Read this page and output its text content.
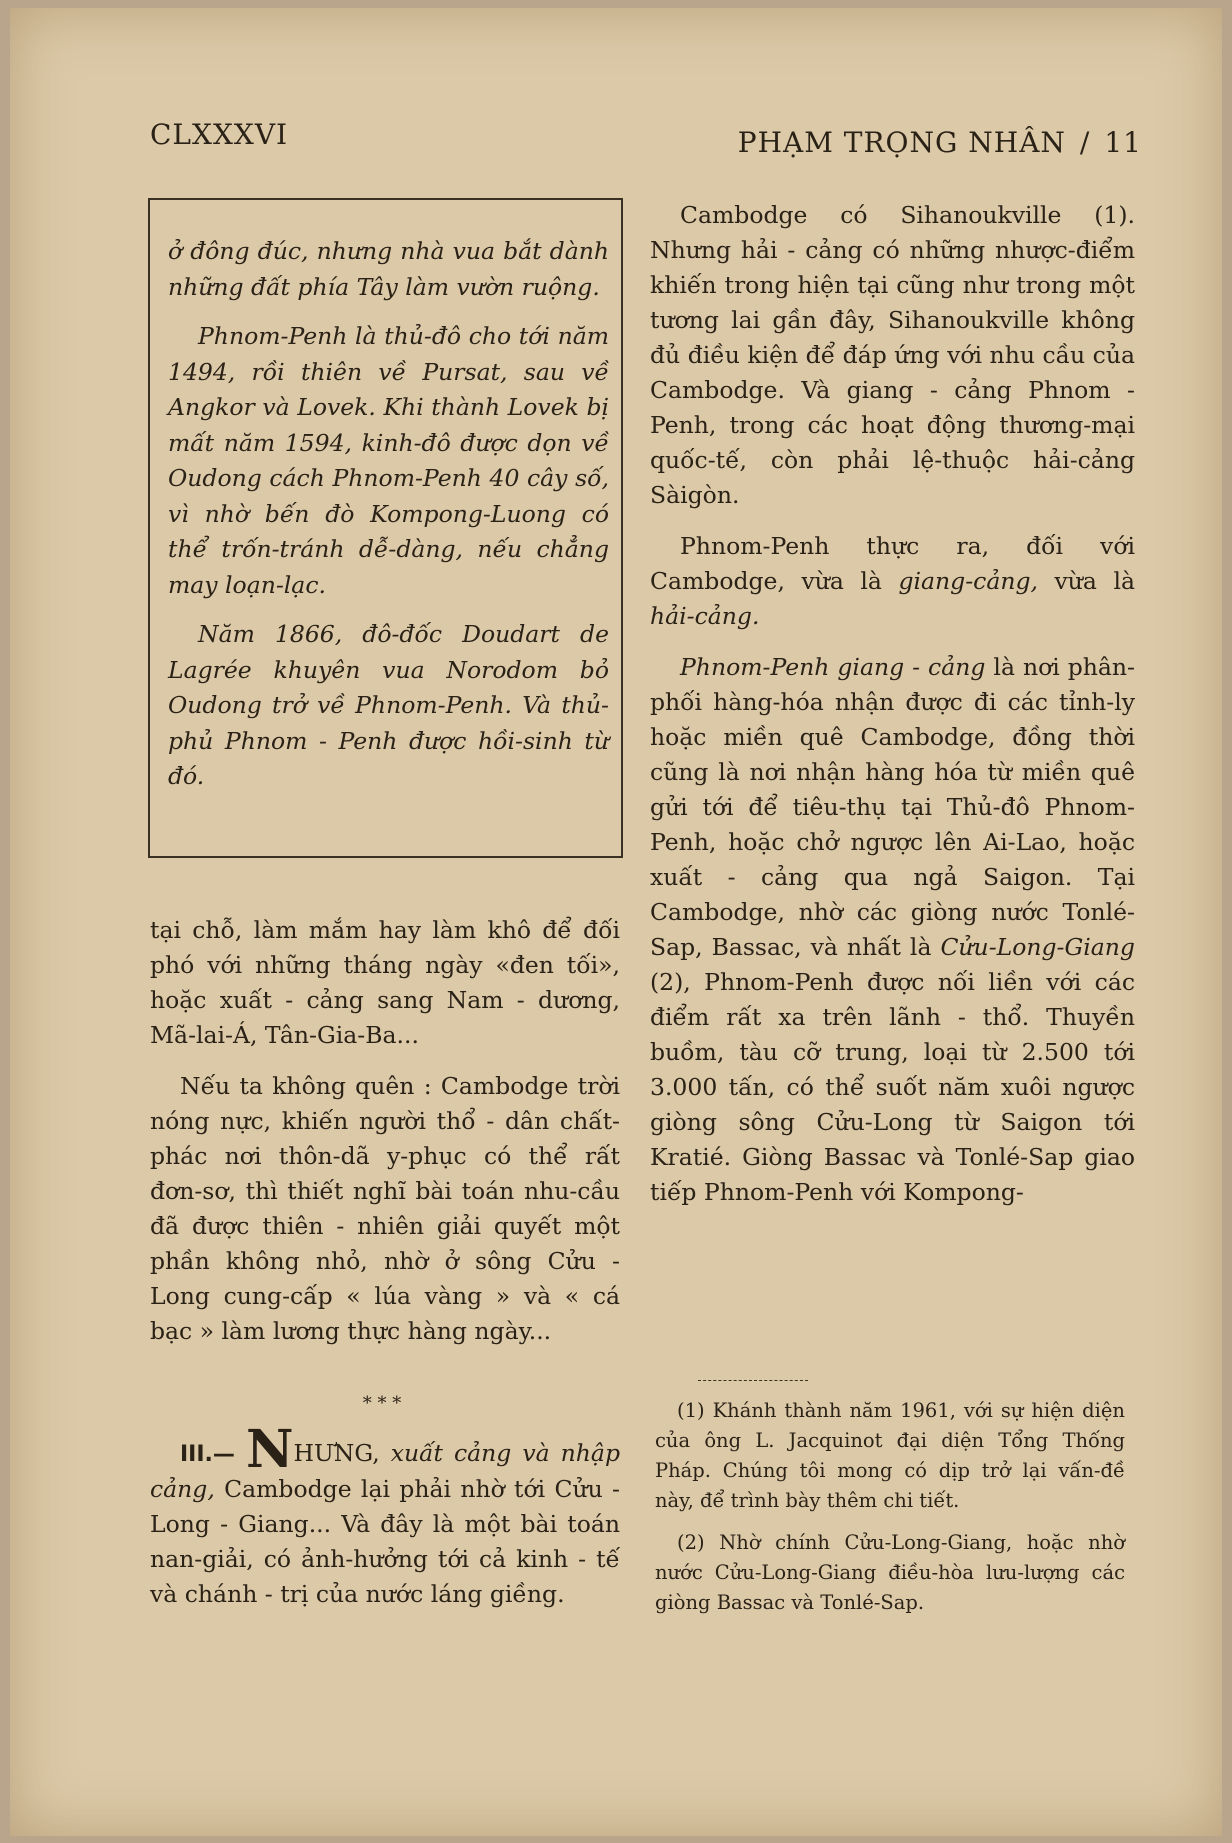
CLXXXVI	PHẠM TRỌNG NHÂN / 11

ở đông đúc, nhưng nhà vua bắt dành những đất phía Tây làm vườn ruộng.

Phnom-Penh là thủ-đô cho tới năm 1494, rồi thiên về Pursat, sau về Angkor và Lovek. Khi thành Lovek bị mất năm 1594, kinh-đô được dọn về Oudong cách Phnom-Penh 40 cây số, vì nhờ bến đò Kompong-Luong có thể trốn-tránh dễ-dàng, nếu chẳng may loạn-lạc.

Năm 1866, đô-đốc Doudart de Lagrée khuyên vua Norodom bỏ Oudong trở về Phnom-Penh. Và thủ-phủ Phnom - Penh được hồi-sinh từ đó.

tại chỗ, làm mắm hay làm khô để đối phó với những tháng ngày «đen tối», hoặc xuất - cảng sang Nam - dương, Mã-lai-Á, Tân-Gia-Ba...

Nếu ta không quên : Cambodge trời nóng nực, khiến người thổ - dân chất-phác nơi thôn-dã y-phục có thể rất đơn-sơ, thì thiết nghĩ bài toán nhu-cầu đã được thiên - nhiên giải quyết một phần không nhỏ, nhờ ở sông Cửu - Long cung-cấp « lúa vàng » và « cá bạc » làm lương thực hàng ngày...

III.— NHƯNG, xuất cảng và nhập cảng, Cambodge lại phải nhờ tới Cửu - Long - Giang... Và đây là một bài toán nan-giải, có ảnh-hưởng tới cả kinh - tế và chánh - trị của nước láng giềng.

* * *

Cambodge có Sihanoukville (1). Nhưng hải - cảng có những nhược-điểm khiến trong hiện tại cũng như trong một tương lai gần đây, Sihanoukville không đủ điều kiện để đáp ứng với nhu cầu của Cambodge. Và giang - cảng Phnom - Penh, trong các hoạt động thương-mại quốc-tế, còn phải lệ-thuộc hải-cảng Sàigòn.

Phnom-Penh thực ra, đối với Cambodge, vừa là giang-cảng, vừa là hải-cảng.

Phnom-Penh giang - cảng là nơi phân-phối hàng-hóa nhận được đi các tỉnh-ly hoặc miền quê Cambodge, đồng thời cũng là nơi nhận hàng hóa từ miền quê gửi tới để tiêu-thụ tại Thủ-đô Phnom-Penh, hoặc chở ngược lên Ai-Lao, hoặc xuất - cảng qua ngả Saigon. Tại Cambodge, nhờ các giòng nước Tonlé-Sap, Bassac, và nhất là Cửu-Long-Giang (2), Phnom-Penh được nối liền với các điểm rất xa trên lãnh - thổ. Thuyền buồm, tàu cỡ trung, loại từ 2.500 tới 3.000 tấn, có thể suốt năm xuôi ngược giòng sông Cửu-Long từ Saigon tới Kratié. Giòng Bassac và Tonlé-Sap giao tiếp Phnom-Penh với Kompong-

(1) Khánh thành năm 1961, với sự hiện diện của ông L. Jacquinot đại diện Tổng Thống Pháp. Chúng tôi mong có dịp trở lại vấn-đề này, để trình bày thêm chi tiết.

(2) Nhờ chính Cửu-Long-Giang, hoặc nhờ nước Cửu-Long-Giang điều-hòa lưu-lượng các giòng Bassac và Tonlé-Sap.
